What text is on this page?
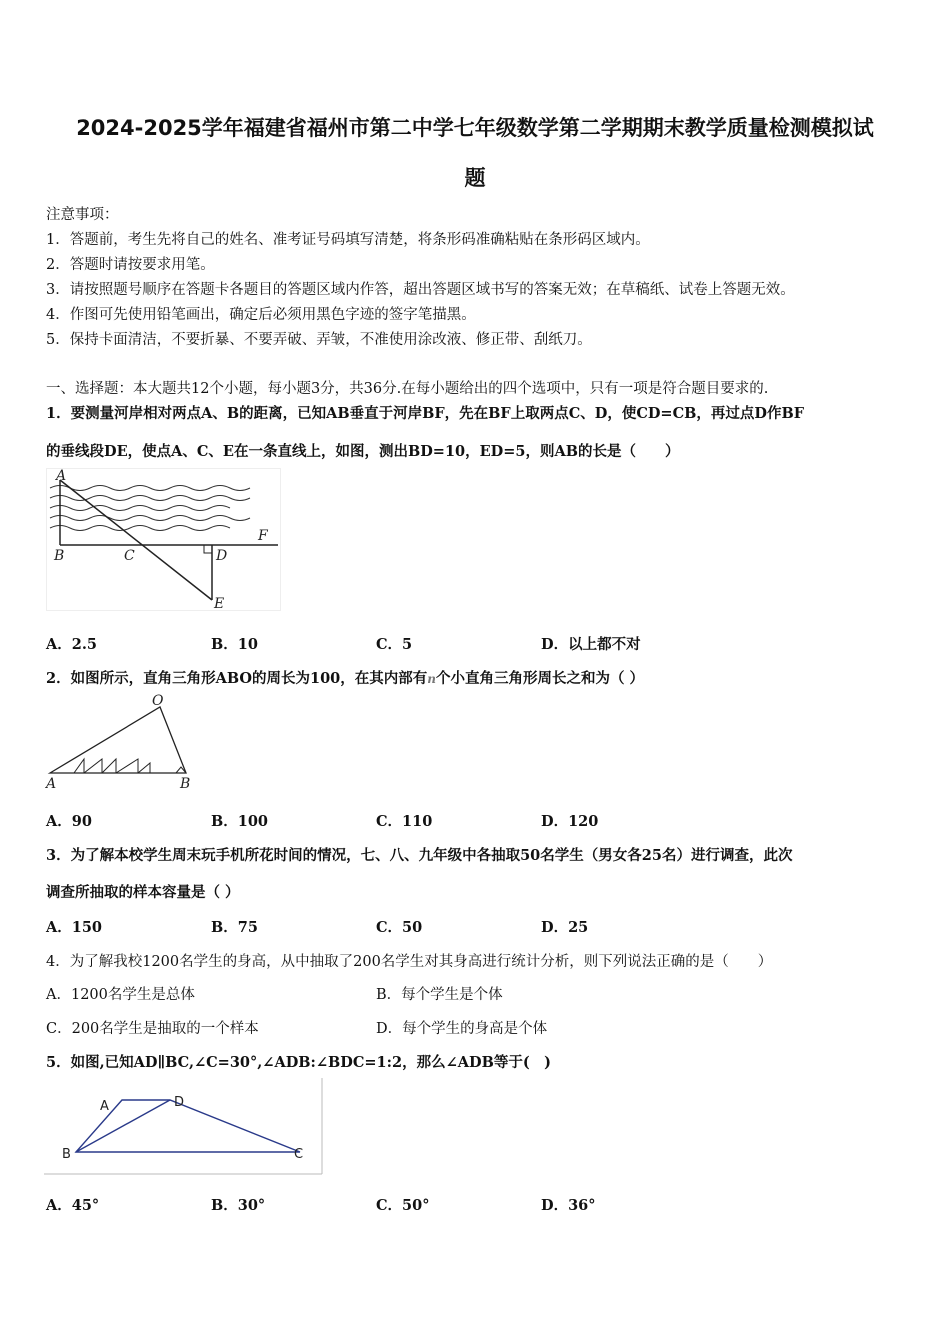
2024-2025学年福建省福州市第二中学七年级数学第二学期期末教学质量检测模拟试
题
注意事项：
1．答题前，考生先将自己的姓名、准考证号码填写清楚，将条形码准确粘贴在条形码区域内。
2．答题时请按要求用笔。
3．请按照题号顺序在答题卡各题目的答题区域内作答，超出答题区域书写的答案无效；在草稿纸、试卷上答题无效。
4．作图可先使用铅笔画出，确定后必须用黑色字迹的签字笔描黑。
5．保持卡面清洁，不要折暴、不要弄破、弄皱，不准使用涂改液、修正带、刮纸刀。
一、选择题：本大题共12个小题，每小题3分，共36分.在每小题给出的四个选项中，只有一项是符合题目要求的.
1．要测量河岸相对两点A、B的距离，已知AB垂直于河岸BF，先在BF上取两点C、D，使CD=CB，再过点D作BF
的垂线段DE，使点A、C、E在一条直线上，如图，测出BD=10，ED=5，则AB的长是（　　）
A
B	C	D
E
F
A．2.5	B．10	C．5	D．以上都不对
2．如图所示，直角三角形ABO的周长为100，在其内部有n个小直角三角形周长之和为（ ）
A	B
O
A．90	B．100	C．110	D．120
3．为了解本校学生周末玩手机所花时间的情况，七、八、九年级中各抽取50名学生（男女各25名）进行调查，此次
调查所抽取的样本容量是（ ）
A．150	B．75	C．50	D．25
4．为了解我校1200名学生的身高，从中抽取了200名学生对其身高进行统计分析，则下列说法正确的是（　　）
A．1200名学生是总体	B．每个学生是个体
C．200名学生是抽取的一个样本	D．每个学生的身高是个体
5．如图,已知AD∥BC,∠C=30°,∠ADB:∠BDC=1:2，那么∠ADB等于(　)
A	D
B	C
A．45°	B．30°	C．50°	D．36°
